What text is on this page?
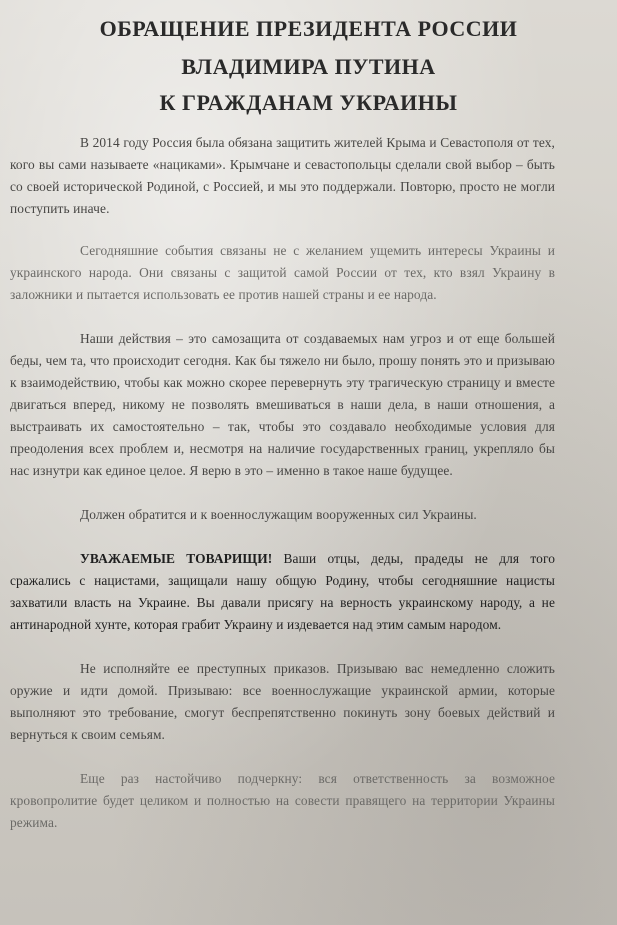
ОБРАЩЕНИЕ ПРЕЗИДЕНТА РОССИИ
ВЛАДИМИРА ПУТИНА
К ГРАЖДАНАМ УКРАИНЫ

В 2014 году Россия была обязана защитить жителей Крыма и Севастополя от тех, кого вы сами называете «нациками». Крымчане и севастопольцы сделали свой выбор – быть со своей исторической Родиной, с Россией, и мы это поддержали. Повторю, просто не могли поступить иначе.

Сегодняшние события связаны не с желанием ущемить интересы Украины и украинского народа. Они связаны с защитой самой России от тех, кто взял Украину в заложники и пытается использовать ее против нашей страны и ее народа.

Наши действия – это самозащита от создаваемых нам угроз и от еще большей беды, чем та, что происходит сегодня. Как бы тяжело ни было, прошу понять это и призываю к взаимодействию, чтобы как можно скорее перевернуть эту трагическую страницу и вместе двигаться вперед, никому не позволять вмешиваться в наши дела, в наши отношения, а выстраивать их самостоятельно – так, чтобы это создавало необходимые условия для преодоления всех проблем и, несмотря на наличие государственных границ, укрепляло бы нас изнутри как единое целое. Я верю в это – именно в такое наше будущее.

Должен обратится и к военнослужащим вооруженных сил Украины.

УВАЖАЕМЫЕ ТОВАРИЩИ! Ваши отцы, деды, прадеды не для того сражались с нацистами, защищали нашу общую Родину, чтобы сегодняшние нацисты захватили власть на Украине. Вы давали присягу на верность украинскому народу, а не антинародной хунте, которая грабит Украину и издевается над этим самым народом.

Не исполняйте ее преступных приказов. Призываю вас немедленно сложить оружие и идти домой. Призываю: все военнослужащие украинской армии, которые выполняют это требование, смогут беспрепятственно покинуть зону боевых действий и вернуться к своим семьям.

Еще раз настойчиво подчеркну: вся ответственность за возможное кровопролитие будет целиком и полностью на совести правящего на территории Украины режима.
